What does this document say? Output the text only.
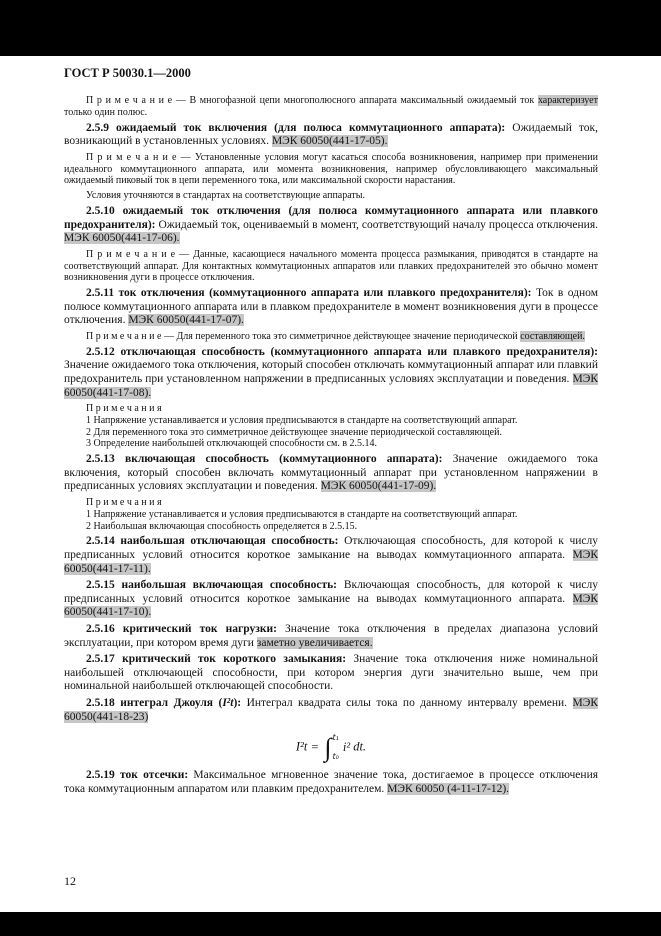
ГОСТ Р 50030.1—2000
П р и м е ч а н и е — В многофазной цепи многополюсного аппарата максимальный ожидаемый ток характеризует только один полюс.
2.5.9 ожидаемый ток включения (для полюса коммутационного аппарата): Ожидаемый ток, возникающий в установленных условиях. МЭК 60050(441-17-05).
П р и м е ч а н и е — Установленные условия могут касаться способа возникновения, например при применении идеального коммутационного аппарата, или момента возникновения, например обусловливающего максимальный ожидаемый пиковый ток в цепи переменного тока, или максимальной скорости нарастания.
Условия уточняются в стандартах на соответствующие аппараты.
2.5.10 ожидаемый ток отключения (для полюса коммутационного аппарата или плавкого предохранителя): Ожидаемый ток, оцениваемый в момент, соответствующий началу процесса отключения. МЭК 60050(441-17-06).
П р и м е ч а н и е — Данные, касающиеся начального момента процесса размыкания, приводятся в стандарте на соответствующий аппарат. Для контактных коммутационных аппаратов или плавких предохранителей это обычно момент возникновения дуги в процессе отключения.
2.5.11 ток отключения (коммутационного аппарата или плавкого предохранителя): Ток в одном полюсе коммутационного аппарата или в плавком предохранителе в момент возникновения дуги в процессе отключения. МЭК 60050(441-17-07).
П р и м е ч а н и е — Для переменного тока это симметричное действующее значение периодической составляющей.
2.5.12 отключающая способность (коммутационного аппарата или плавкого предохранителя): Значение ожидаемого тока отключения, который способен отключать коммутационный аппарат или плавкий предохранитель при установленном напряжении в предписанных условиях эксплуатации и поведения. МЭК 60050(441-17-08).
П р и м е ч а н и я
1 Напряжение устанавливается и условия предписываются в стандарте на соответствующий аппарат.
2 Для переменного тока это симметричное действующее значение периодической составляющей.
3 Определение наибольшей отключающей способности см. в 2.5.14.
2.5.13 включающая способность (коммутационного аппарата): Значение ожидаемого тока включения, который способен включать коммутационный аппарат при установленном напряжении в предписанных условиях эксплуатации и поведения. МЭК 60050(441-17-09).
П р и м е ч а н и я
1 Напряжение устанавливается и условия предписываются в стандарте на соответствующий аппарат.
2 Наибольшая включающая способность определяется в 2.5.15.
2.5.14 наибольшая отключающая способность: Отключающая способность, для которой к числу предписанных условий относится короткое замыкание на выводах коммутационного аппарата. МЭК 60050(441-17-11).
2.5.15 наибольшая включающая способность: Включающая способность, для которой к числу предписанных условий относится короткое замыкание на выводах коммутационного аппарата. МЭК 60050(441-17-10).
2.5.16 критический ток нагрузки: Значение тока отключения в пределах диапазона условий эксплуатации, при котором время дуги заметно увеличивается.
2.5.17 критический ток короткого замыкания: Значение тока отключения ниже номинальной наибольшей отключающей способности, при котором энергия дуги значительно выше, чем при номинальной наибольшей отключающей способности.
2.5.18 интеграл Джоуля (I²t): Интеграл квадрата силы тока по данному интервалу времени. МЭК 60050(441-18-23)
I²t = ∫ t₁
t₀
i² dt.
2.5.19 ток отсечки: Максимальное мгновенное значение тока, достигаемое в процессе отключения тока коммутационным аппаратом или плавким предохранителем. МЭК 60050 (4-11-17-12).
12
